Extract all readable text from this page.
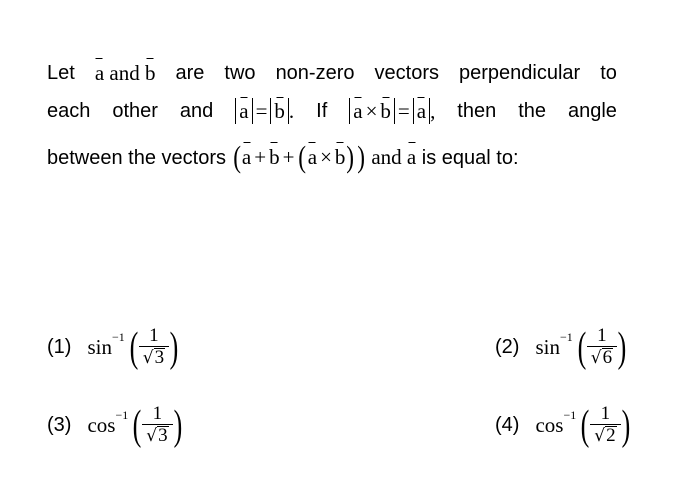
Let a and b are two non-zero vectors perpendicular to
each other and a = b . If a × b = a , then the angle
between the vectors (a + b + (a × b)) and a is equal to:
(1) sin −1 ( $\frac{1}{√3}$ )	(2) sin −1 ( $\frac{1}{√6}$ )
(3) cos −1 ( $\frac{1}{√3}$ )	(4) cos −1 ( $\frac{1}{√2}$ )
